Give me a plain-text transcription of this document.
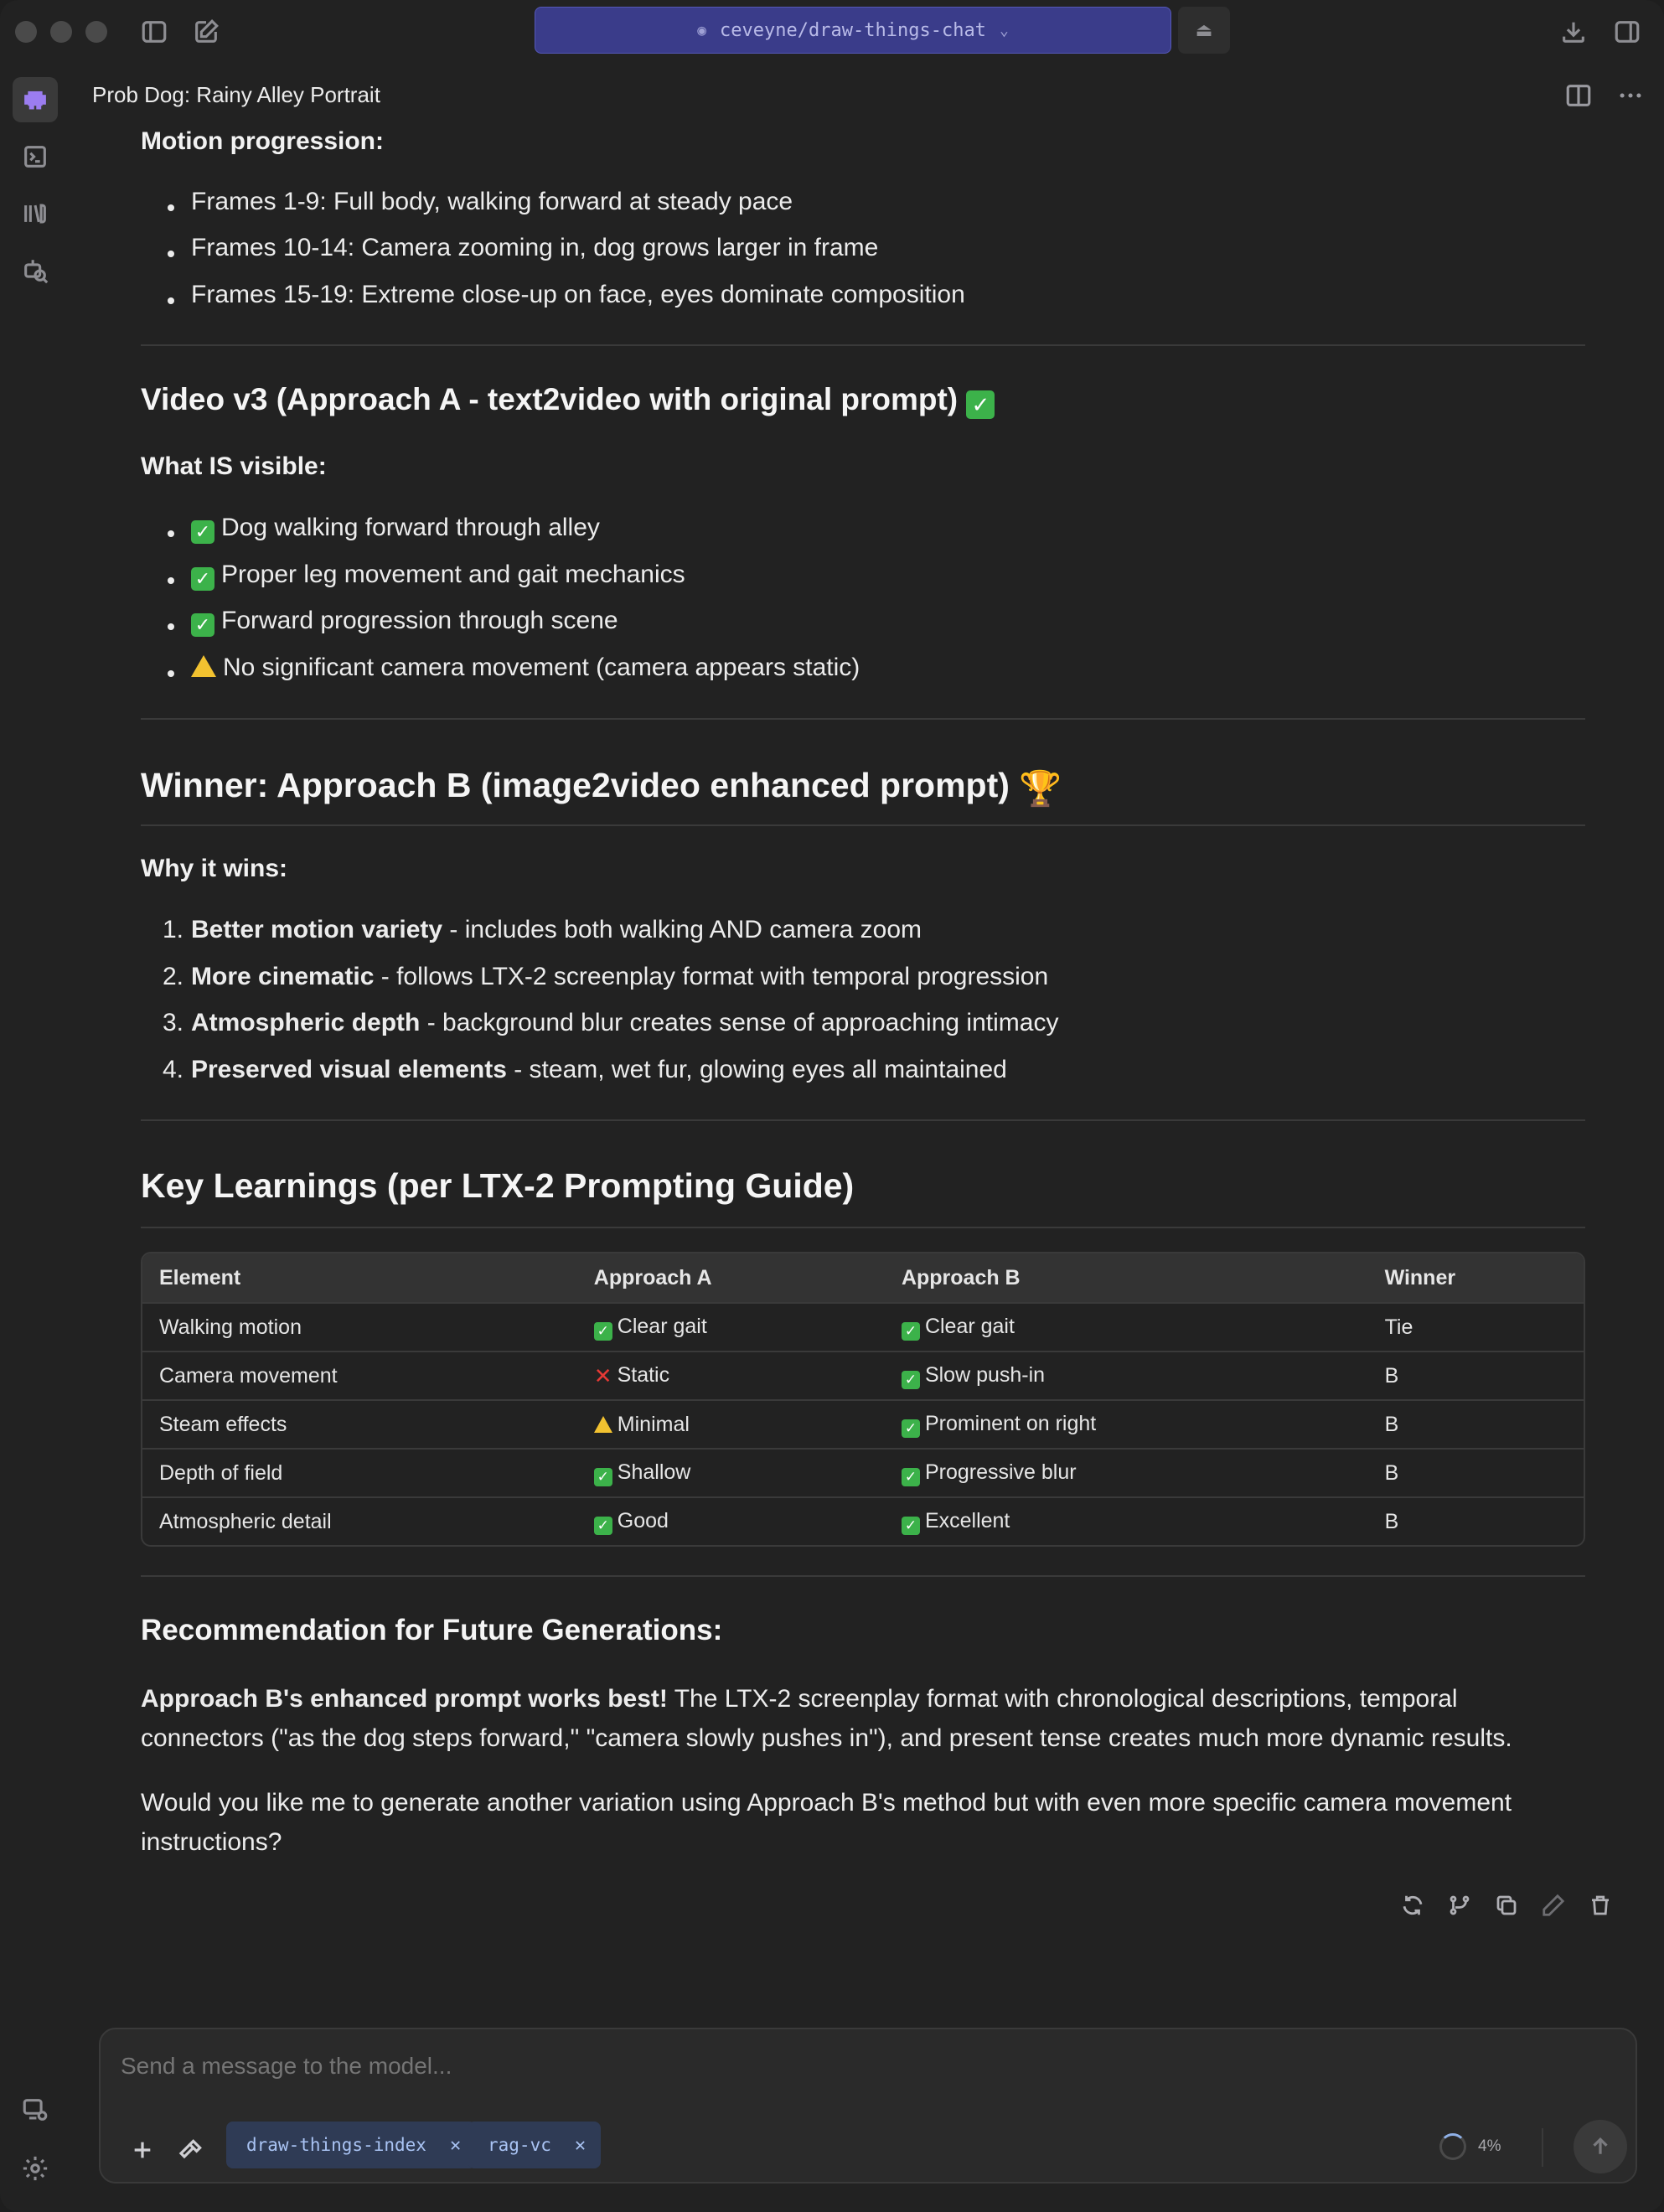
◉ ceveyne/draw-things-chat ⌄	⏏
Prob Dog: Rainy Alley Portrait
Motion progression:
Frames 1-9: Full body, walking forward at steady pace
Frames 10-14: Camera zooming in, dog grows larger in frame
Frames 15-19: Extreme close-up on face, eyes dominate composition
Video v3 (Approach A - text2video with original prompt) ✓
What IS visible:
✓ Dog walking forward through alley
✓ Proper leg movement and gait mechanics
✓ Forward progression through scene
No significant camera movement (camera appears static)
Winner: Approach B (image2video enhanced prompt) 🏆
Why it wins:
1. Better motion variety - includes both walking AND camera zoom
2. More cinematic - follows LTX-2 screenplay format with temporal progression
3. Atmospheric depth - background blur creates sense of approaching intimacy
4. Preserved visual elements - steam, wet fur, glowing eyes all maintained
Key Learnings (per LTX-2 Prompting Guide)
Element	Approach A	Approach B	Winner
Walking motion	✓ Clear gait	✓ Clear gait	Tie
Camera movement	✕ Static	✓ Slow push-in	B
Steam effects	Minimal	✓ Prominent on right	B
Depth of field	✓ Shallow	✓ Progressive blur	B
Atmospheric detail	✓ Good	✓ Excellent	B
Recommendation for Future Generations:
Approach B's enhanced prompt works best! The LTX-2 screenplay format with chronological descriptions, temporal connectors ("as the dog steps forward," "camera slowly pushes in"), and present tense creates much more dynamic results.
Would you like me to generate another variation using Approach B's method but with even more specific camera movement instructions?
Send a message to the model...
draw-things-index ✕ rag-vc ✕	4%
